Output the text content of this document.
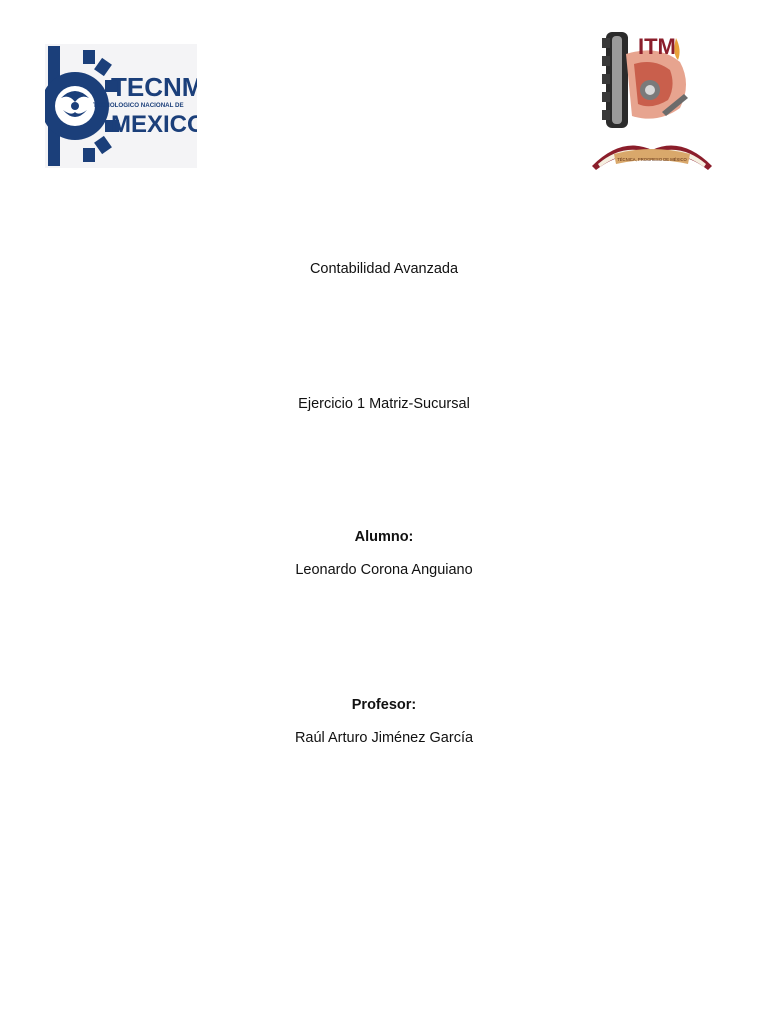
TECNM
TECNOLOGICO NACIONAL DE
MEXICO
ITM
TÉCNICA, PROGRESO DE MÉXICO

Contabilidad Avanzada

Ejercicio 1 Matriz-Sucursal

Alumno:

Leonardo Corona Anguiano

Profesor:

Raúl Arturo Jiménez García
